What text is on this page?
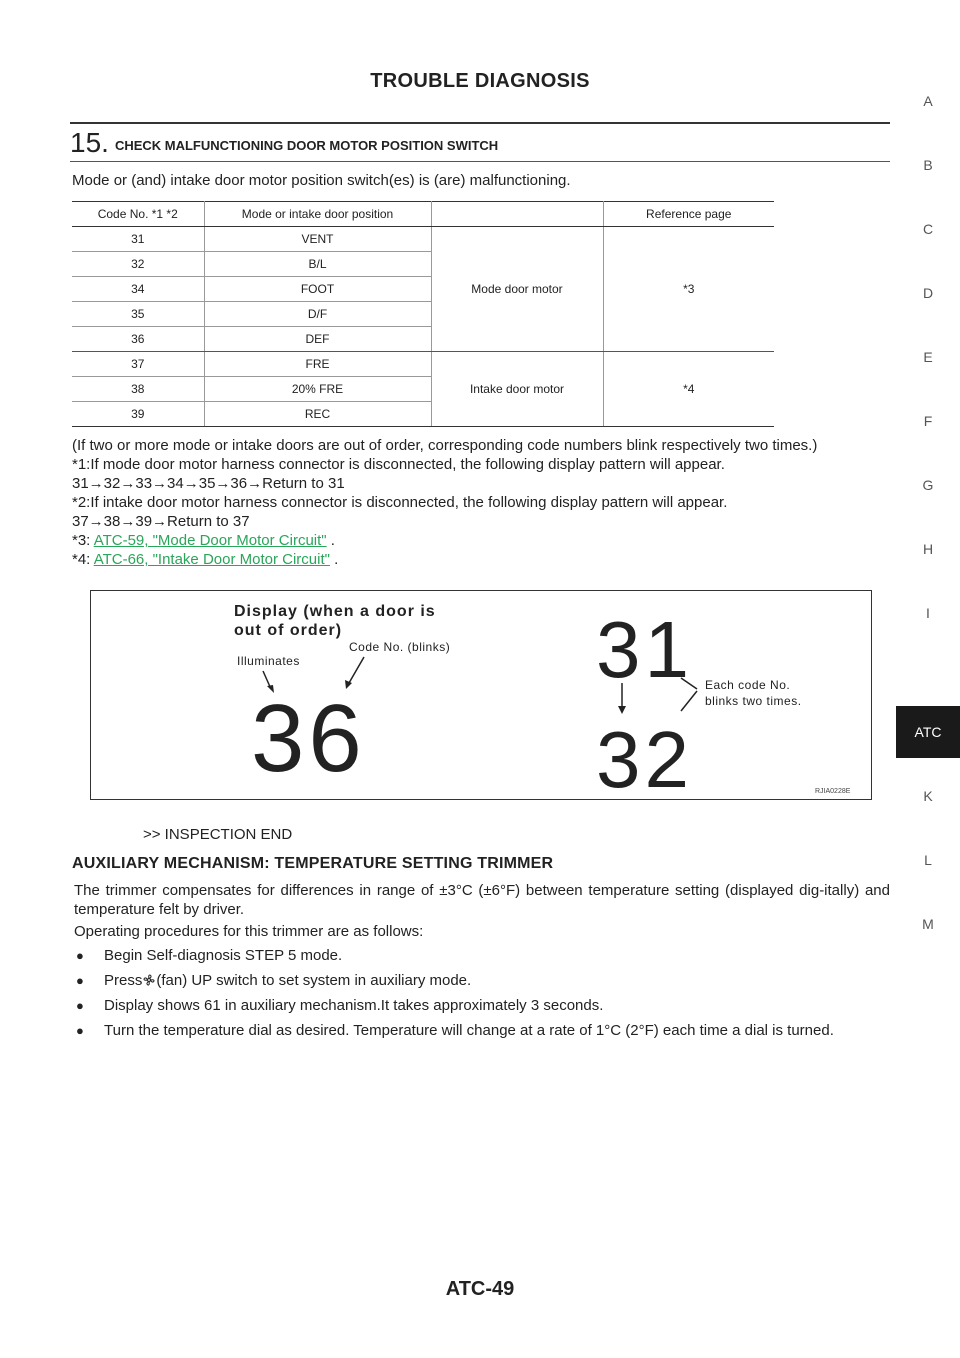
TROUBLE DIAGNOSIS
A
B
C
D
E
F
G
H
I
ATC
K
L
M
15. CHECK MALFUNCTIONING DOOR MOTOR POSITION SWITCH
Mode or (and) intake door motor position switch(es) is (are) malfunctioning.
Code No. *1 *2	Mode or intake door position		Reference page
31	VENT	Mode door motor	*3
32	B/L		
34	FOOT		
35	D/F		
36	DEF		
37	FRE	Intake door motor	*4
38	20% FRE		
39	REC		
(If two or more mode or intake doors are out of order, corresponding code numbers blink respectively two times.)
*1:If mode door motor harness connector is disconnected, the following display pattern will appear.
31→32→33→34→35→36→Return to 31
*2:If intake door motor harness connector is disconnected, the following display pattern will appear.
37→38→39→Return to 37
*3: ATC-59, "Mode Door Motor Circuit" .
*4: ATC-66, "Intake Door Motor Circuit" .
Display (when a door is
out of order)
Illuminates
Code No. (blinks)
36
31
32
Each code No.
blinks two times.
RJIA0228E
>> INSPECTION END
AUXILIARY MECHANISM: TEMPERATURE SETTING TRIMMER
The trimmer compensates for differences in range of ±3°C (±6°F) between temperature setting (displayed dig-itally) and temperature felt by driver.
Operating procedures for this trimmer are as follows:
● Begin Self-diagnosis STEP 5 mode.
● Press (fan) UP switch to set system in auxiliary mode.
● Display shows 61 in auxiliary mechanism.It takes approximately 3 seconds.
● Turn the temperature dial as desired. Temperature will change at a rate of 1°C (2°F) each time a dial is turned.
ATC-49
